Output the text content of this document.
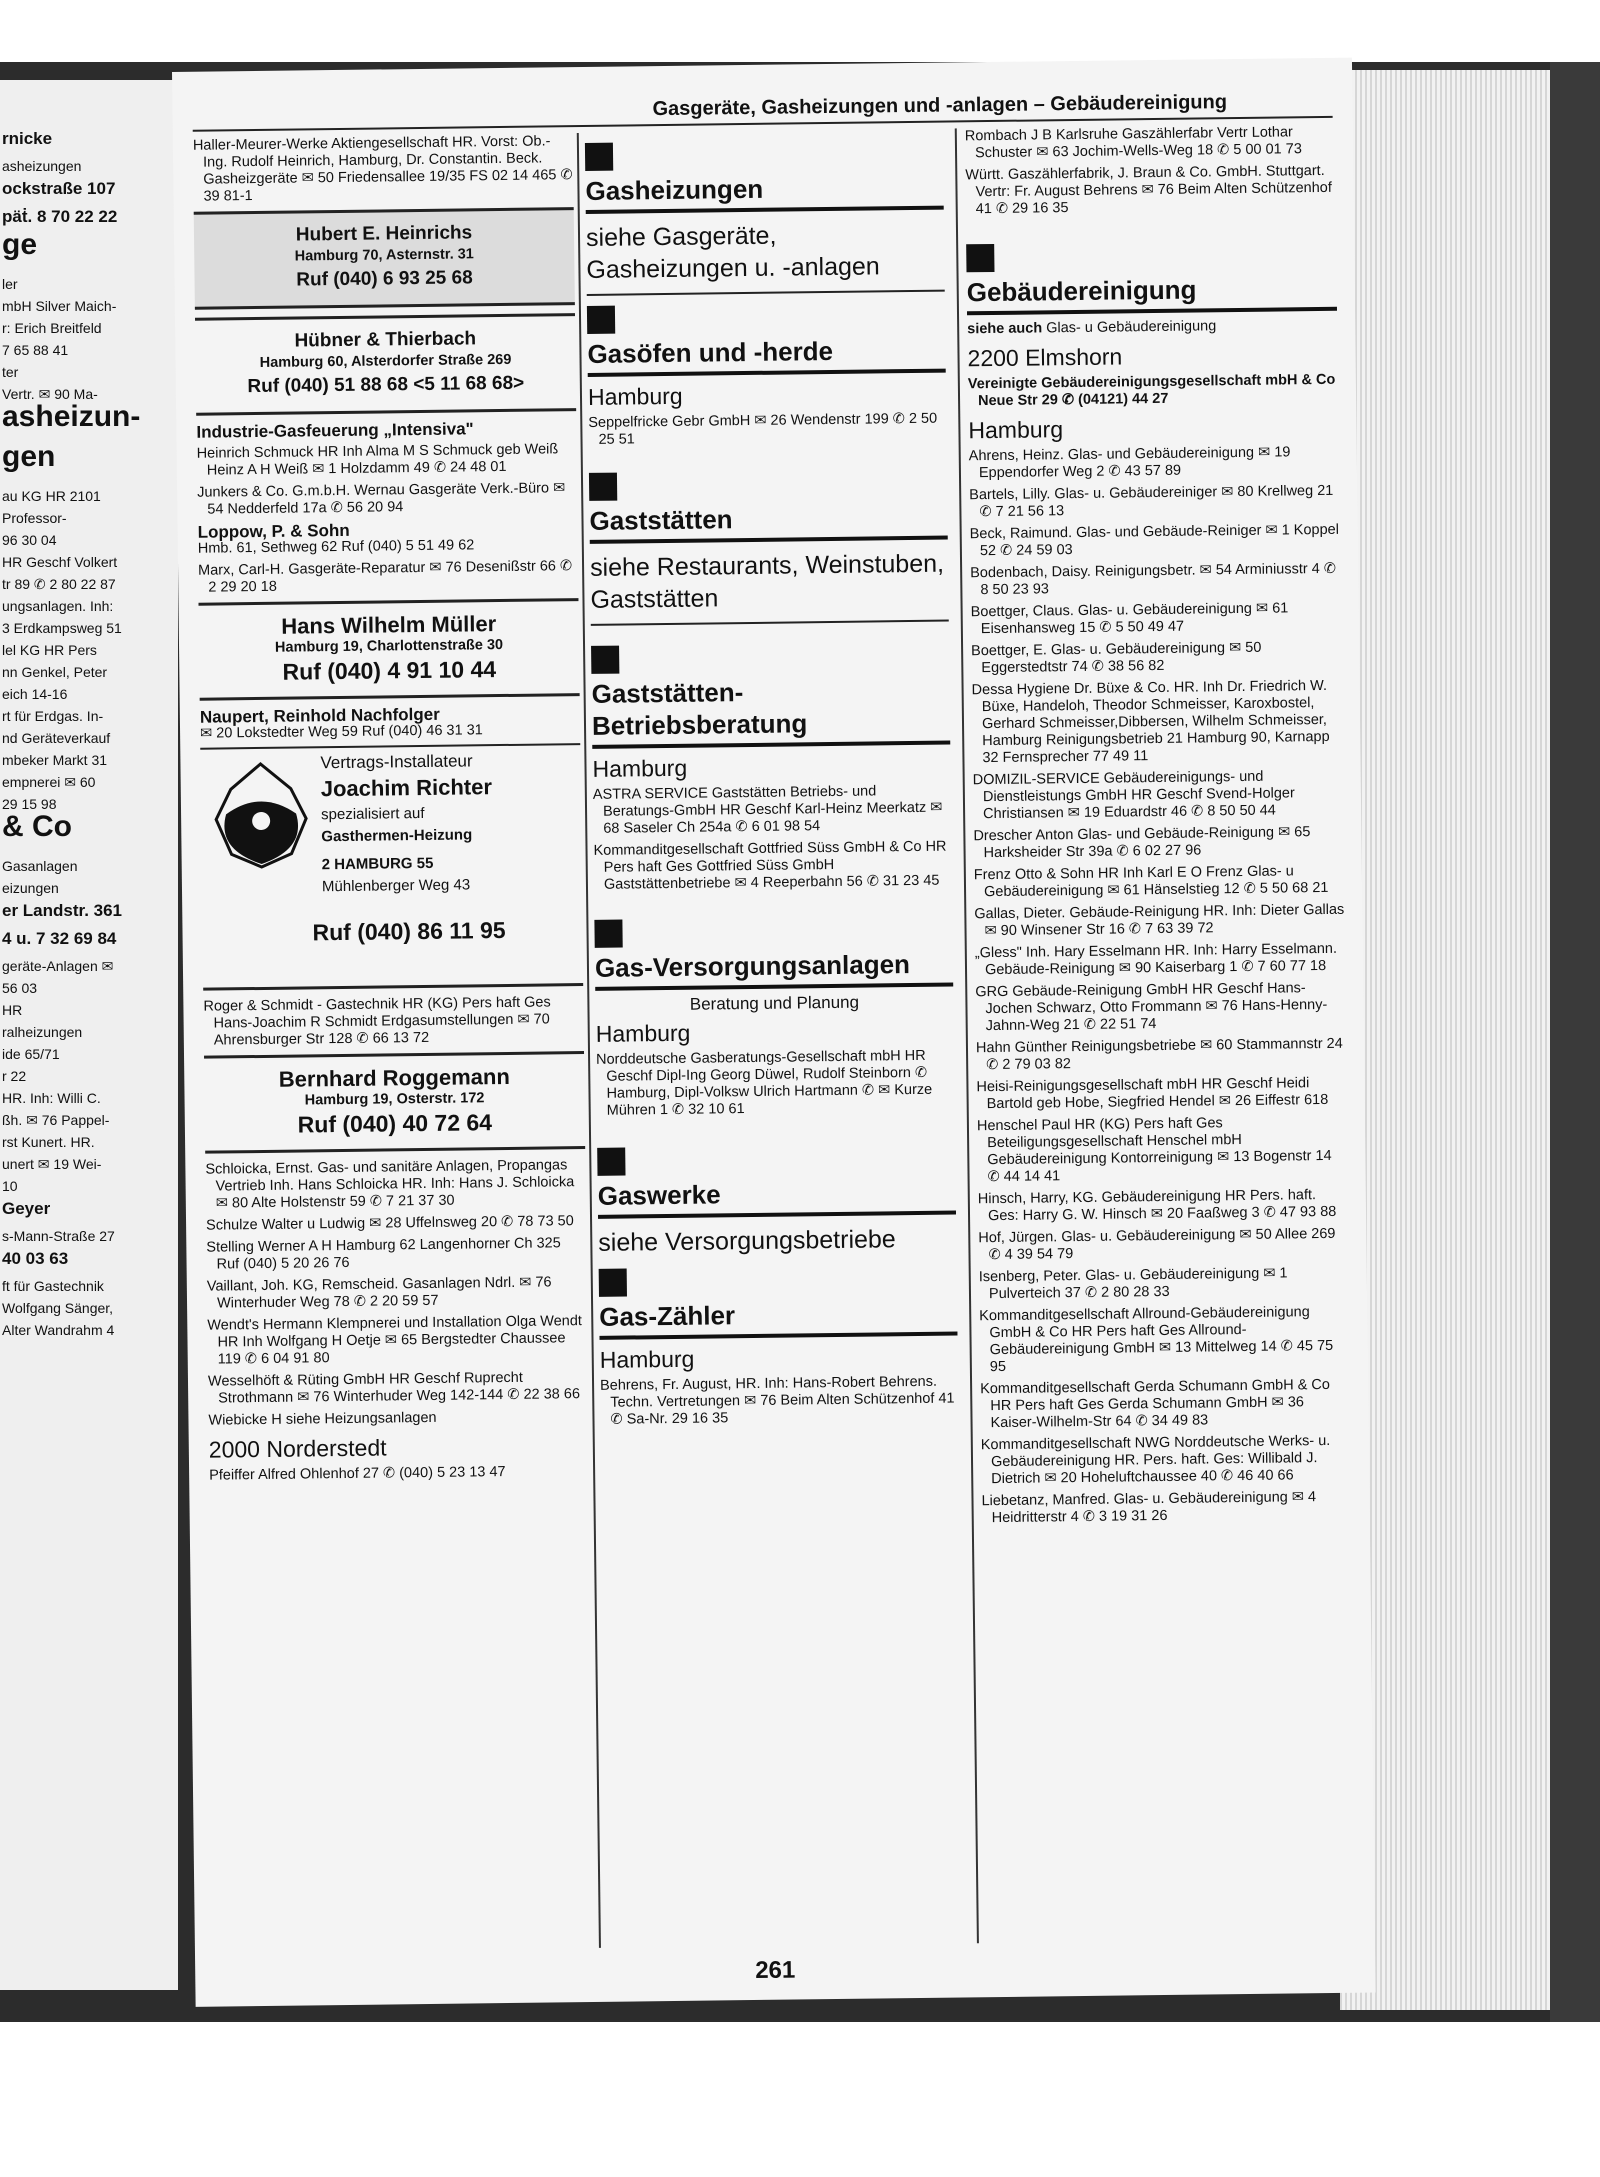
rnicke
asheizungen
ockstraße 107
päṫ. 8 70 22 22
ge
ler
mbH Silver Maich-
r: Erich Breitfeld
7 65 88 41
ter
Vertr. ✉ 90 Ma-
asheizun-
gen
au KG HR 2101
Professor-
96 30 04
HR Geschf Volkert
tr 89 ✆ 2 80 22 87
ungsanlagen. Inh:
3 Erdkampsweg 51
lel KG HR Pers
nn Genkel, Peter
eich 14-16
rt für Erdgas. In-
nd Geräteverkauf
mbeker Markt 31
empnerei ✉ 60
29 15 98
& Co
Gasanlagen
eizungen
er Landstr. 361
4 u. 7 32 69 84
geräte-Anlagen ✉
56 03
HR
ralheizungen
ide 65/71
r 22
HR. Inh: Willi C.
ßh. ✉ 76 Pappel-
rst Kunert. HR.
unert ✉ 19 Wei-
10
Geyer
s-Mann-Straße 27
40 03 63
ft für Gastechnik
Wolfgang Sänger,
Alter Wandrahm 4
Gasgeräte, Gasheizungen und -anlagen – Gebäudereinigung
Haller-Meurer-Werke Aktiengesellschaft HR. Vorst: Ob.-Ing. Rudolf Heinrich, Hamburg, Dr. Constantin. Beck. Gasheizgeräte ✉ 50 Friedensallee 19/35 FS 02 14 465 ✆ 39 81-1
Hubert E. Heinrichs
Hamburg 70, Asternstr. 31
Ruf (040) 6 93 25 68
Hübner & Thierbach
Hamburg 60, Alsterdorfer Straße 269
Ruf (040) 51 88 68 <5 11 68 68>
Industrie-Gasfeuerung „Intensiva"
Heinrich Schmuck HR Inh Alma M S Schmuck geb Weiß Heinz A H Weiß ✉ 1 Holzdamm 49 ✆ 24 48 01
Junkers & Co. G.m.b.H. Wernau Gasgeräte Verk.-Büro ✉ 54 Nedderfeld 17a ✆ 56 20 94
Loppow, P. & Sohn
Hmb. 61, Sethweg 62 Ruf (040) 5 51 49 62
Marx, Carl-H. Gasgeräte-Reparatur ✉ 76 Desenißstr 66 ✆ 2 29 20 18
Hans Wilhelm Müller
Hamburg 19, Charlottenstraße 30
Ruf (040) 4 91 10 44
Naupert, Reinhold Nachfolger
✉ 20 Lokstedter Weg 59 Ruf (040) 46 31 31
Vertrags-Installateur
Joachim Richter
spezialisiert auf
Gasthermen-Heizung
2 HAMBURG 55
Mühlenberger Weg 43
Ruf (040) 86 11 95
Roger & Schmidt - Gastechnik HR (KG) Pers haft Ges Hans-Joachim R Schmidt Erdgasumstellungen ✉ 70 Ahrensburger Str 128 ✆ 66 13 72
Bernhard Roggemann
Hamburg 19, Osterstr. 172
Ruf (040) 40 72 64
Schloicka, Ernst. Gas- und sanitäre Anlagen, Propangas Vertrieb Inh. Hans Schloicka HR. Inh: Hans J. Schloicka ✉ 80 Alte Holstenstr 59 ✆ 7 21 37 30
Schulze Walter u Ludwig ✉ 28 Uffelnsweg 20 ✆ 78 73 50
Stelling Werner A H Hamburg 62 Langenhorner Ch 325 Ruf (040) 5 20 26 76
Vaillant, Joh. KG, Remscheid. Gasanlagen Ndrl. ✉ 76 Winterhuder Weg 78 ✆ 2 20 59 57
Wendt's Hermann Klempnerei und Installation Olga Wendt HR Inh Wolfgang H Oetje ✉ 65 Bergstedter Chaussee 119 ✆ 6 04 91 80
Wesselhöft & Rüting GmbH HR Geschf Ruprecht Strothmann ✉ 76 Winterhuder Weg 142-144 ✆ 22 38 66
Wiebicke H siehe Heizungsanlagen
2000 Norderstedt
Pfeiffer Alfred Ohlenhof 27 ✆ (040) 5 23 13 47
Gasheizungen
siehe Gasgeräte, Gasheizungen u. -anlagen
Gasöfen und -herde
Hamburg
Seppelfricke Gebr GmbH ✉ 26 Wendenstr 199 ✆ 2 50 25 51
Gaststätten
siehe Restaurants, Weinstuben, Gaststätten
Gaststätten-Betriebsberatung
Hamburg
ASTRA SERVICE Gaststätten Betriebs- und Beratungs-GmbH HR Geschf Karl-Heinz Meerkatz ✉ 68 Saseler Ch 254a ✆ 6 01 98 54
Kommanditgesellschaft Gottfried Süss GmbH & Co HR Pers haft Ges Gottfried Süss GmbH Gaststättenbetriebe ✉ 4 Reeperbahn 56 ✆ 31 23 45
Gas-Versorgungsanlagen
Beratung und Planung
Hamburg
Norddeutsche Gasberatungs-Gesellschaft mbH HR Geschf Dipl-Ing Georg Düwel, Rudolf Steinborn ✆ Hamburg, Dipl-Volksw Ulrich Hartmann ✆ ✉ Kurze Mühren 1 ✆ 32 10 61
Gaswerke
siehe Versorgungsbetriebe
Gas-Zähler
Hamburg
Behrens, Fr. August, HR. Inh: Hans-Robert Behrens. Techn. Vertretungen ✉ 76 Beim Alten Schützenhof 41 ✆ Sa-Nr. 29 16 35
Rombach J B Karlsruhe Gaszählerfabr Vertr Lothar Schuster ✉ 63 Jochim-Wells-Weg 18 ✆ 5 00 01 73
Württ. Gaszählerfabrik, J. Braun & Co. GmbH. Stuttgart. Vertr: Fr. August Behrens ✉ 76 Beim Alten Schützenhof 41 ✆ 29 16 35
Gebäudereinigung
siehe auch Glas- u Gebäudereinigung
2200 Elmshorn
Vereinigte Gebäudereinigungsgesellschaft mbH & Co Neue Str 29 ✆ (04121) 44 27
Hamburg
Ahrens, Heinz. Glas- und Gebäudereinigung ✉ 19 Eppendorfer Weg 2 ✆ 43 57 89
Bartels, Lilly. Glas- u. Gebäudereiniger ✉ 80 Krellweg 21 ✆ 7 21 56 13
Beck, Raimund. Glas- und Gebäude-Reiniger ✉ 1 Koppel 52 ✆ 24 59 03
Bodenbach, Daisy. Reinigungsbetr. ✉ 54 Arminiusstr 4 ✆ 8 50 23 93
Boettger, Claus. Glas- u. Gebäudereinigung ✉ 61 Eisenhansweg 15 ✆ 5 50 49 47
Boettger, E. Glas- u. Gebäudereinigung ✉ 50 Eggerstedtstr 74 ✆ 38 56 82
Dessa Hygiene Dr. Büxe & Co. HR. Inh Dr. Friedrich W. Büxe, Handeloh, Theodor Schmeisser, Karoxbostel, Gerhard Schmeisser,Dibbersen, Wilhelm Schmeisser, Hamburg Reinigungsbetrieb 21 Hamburg 90, Karnapp 32 Fernsprecher 77 49 11
DOMIZIL-SERVICE Gebäudereinigungs- und Dienstleistungs GmbH HR Geschf Svend-Holger Christiansen ✉ 19 Eduardstr 46 ✆ 8 50 50 44
Drescher Anton Glas- und Gebäude-Reinigung ✉ 65 Harksheider Str 39a ✆ 6 02 27 96
Frenz Otto & Sohn HR Inh Karl E O Frenz Glas- u Gebäudereinigung ✉ 61 Hänselstieg 12 ✆ 5 50 68 21
Gallas, Dieter. Gebäude-Reinigung HR. Inh: Dieter Gallas ✉ 90 Winsener Str 16 ✆ 7 63 39 72
„Gless" Inh. Hary Esselmann HR. Inh: Harry Esselmann. Gebäude-Reinigung ✉ 90 Kaiserbarg 1 ✆ 7 60 77 18
GRG Gebäude-Reinigung GmbH HR Geschf Hans-Jochen Schwarz, Otto Frommann ✉ 76 Hans-Henny-Jahnn-Weg 21 ✆ 22 51 74
Hahn Günther Reinigungsbetriebe ✉ 60 Stammannstr 24 ✆ 2 79 03 82
Heisi-Reinigungsgesellschaft mbH HR Geschf Heidi Bartold geb Hobe, Siegfried Hendel ✉ 26 Eiffestr 618
Henschel Paul HR (KG) Pers haft Ges Beteiligungsgesellschaft Henschel mbH Gebäudereinigung Kontorreinigung ✉ 13 Bogenstr 14 ✆ 44 14 41
Hinsch, Harry, KG. Gebäudereinigung HR Pers. haft. Ges: Harry G. W. Hinsch ✉ 20 Faaßweg 3 ✆ 47 93 88
Hof, Jürgen. Glas- u. Gebäudereinigung ✉ 50 Allee 269 ✆ 4 39 54 79
Isenberg, Peter. Glas- u. Gebäudereinigung ✉ 1 Pulverteich 37 ✆ 2 80 28 33
Kommanditgesellschaft Allround-Gebäudereinigung GmbH & Co HR Pers haft Ges Allround-Gebäudereinigung GmbH ✉ 13 Mittelweg 14 ✆ 45 75 95
Kommanditgesellschaft Gerda Schumann GmbH & Co HR Pers haft Ges Gerda Schumann GmbH ✉ 36 Kaiser-Wilhelm-Str 64 ✆ 34 49 83
Kommanditgesellschaft NWG Norddeutsche Werks- u. Gebäudereinigung HR. Pers. haft. Ges: Willibald J. Dietrich ✉ 20 Hoheluftchaussee 40 ✆ 46 40 66
Liebetanz, Manfred. Glas- u. Gebäudereinigung ✉ 4 Heidritterstr 4 ✆ 3 19 31 26
261
